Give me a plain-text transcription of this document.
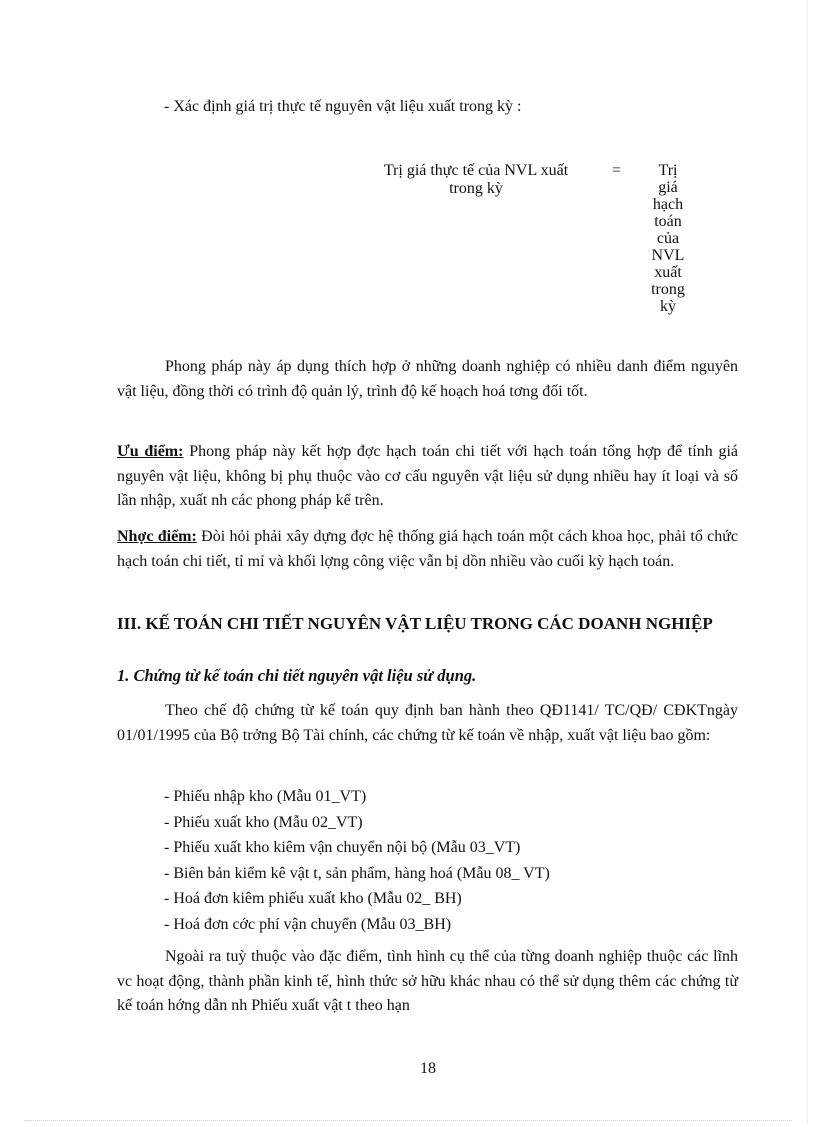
- Xác định giá trị thực tế nguyên vật liệu xuất trong kỳ :
Trị giá thực tế của NVL xuất
trong kỳ
=	Trị
giá
hạch
toán
của
NVL
xuất
trong
kỳ
Phong pháp này áp dụng thích hợp ở những doanh nghiệp có nhiều danh điểm nguyên vật liệu, đồng thời có trình độ quản lý, trình độ kế hoạch hoá tơng đối tốt.
Ưu điểm: Phong pháp này kết hợp đợc hạch toán chi tiết với hạch toán tổng hợp để tính giá nguyên vật liệu, không bị phụ thuộc vào cơ cấu nguyên vật liệu sử dụng nhiều hay ít loại và số lần nhập, xuất nh các phong pháp kể trên.
Nhợc điểm: Đòi hỏi phải xây dựng đợc hệ thống giá hạch toán một cách khoa học, phải tổ chức hạch toán chi tiết, tỉ mỉ và khối lợng công việc vẫn bị dồn nhiều vào cuối kỳ hạch toán.
III. KẾ TOÁN CHI TIẾT NGUYÊN VẬT LIỆU TRONG CÁC DOANH NGHIỆP
1. Chứng từ kế toán chi tiết nguyên vật liệu sử dụng.
Theo chế độ chứng từ kế toán quy định ban hành theo QĐ1141/ TC/QĐ/ CĐKTngày 01/01/1995 của Bộ trởng Bộ Tài chính, các chứng từ kế toán về nhập, xuất vật liệu bao gồm:
- Phiếu nhập kho (Mẫu 01_VT)
- Phiếu xuất kho (Mẫu 02_VT)
- Phiếu xuất kho kiêm vận chuyển nội bộ (Mẫu 03_VT)
- Biên bản kiểm kê vật t, sản phẩm, hàng hoá (Mẫu 08_ VT)
- Hoá đơn kiêm phiếu xuất kho (Mẫu 02_ BH)
- Hoá đơn cớc phí vận chuyển (Mẫu 03_BH)
Ngoài ra tuỳ thuộc vào đặc điểm, tình hình cụ thể của từng doanh nghiệp thuộc các lĩnh vc hoạt động, thành phần kinh tế, hình thức sở hữu khác nhau có thể sử dụng thêm các chứng từ kế toán hớng dẫn nh Phiếu xuất vật t theo hạn
18
